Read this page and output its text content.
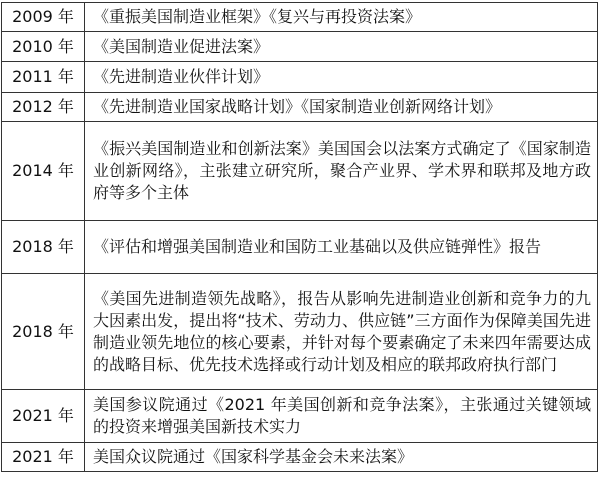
2009 年	《重振美国制造业框架》《复兴与再投资法案》
2010 年	《美国制造业促进法案》
2011 年	《先进制造业伙伴计划》
2012 年	《先进制造业国家战略计划》《国家制造业创新网络计划》
2014 年	《振兴美国制造业和创新法案》美国国会以法案方式确定了《国家制造业创新网络》，主张建立研究所，聚合产业界、学术界和联邦及地方政府等多个主体
2018 年	《评估和增强美国制造业和国防工业基础以及供应链弹性》报告
2018 年	《美国先进制造领先战略》，报告从影响先进制造业创新和竞争力的九大因素出发，提出将“技术、劳动力、供应链”三方面作为保障美国先进制造业领先地位的核心要素，并针对每个要素确定了未来四年需要达成的战略目标、优先技术选择或行动计划及相应的联邦政府执行部门
2021 年	美国参议院通过《2021 年美国创新和竞争法案》，主张通过关键领域的投资来增强美国新技术实力
2021 年	美国众议院通过《国家科学基金会未来法案》
